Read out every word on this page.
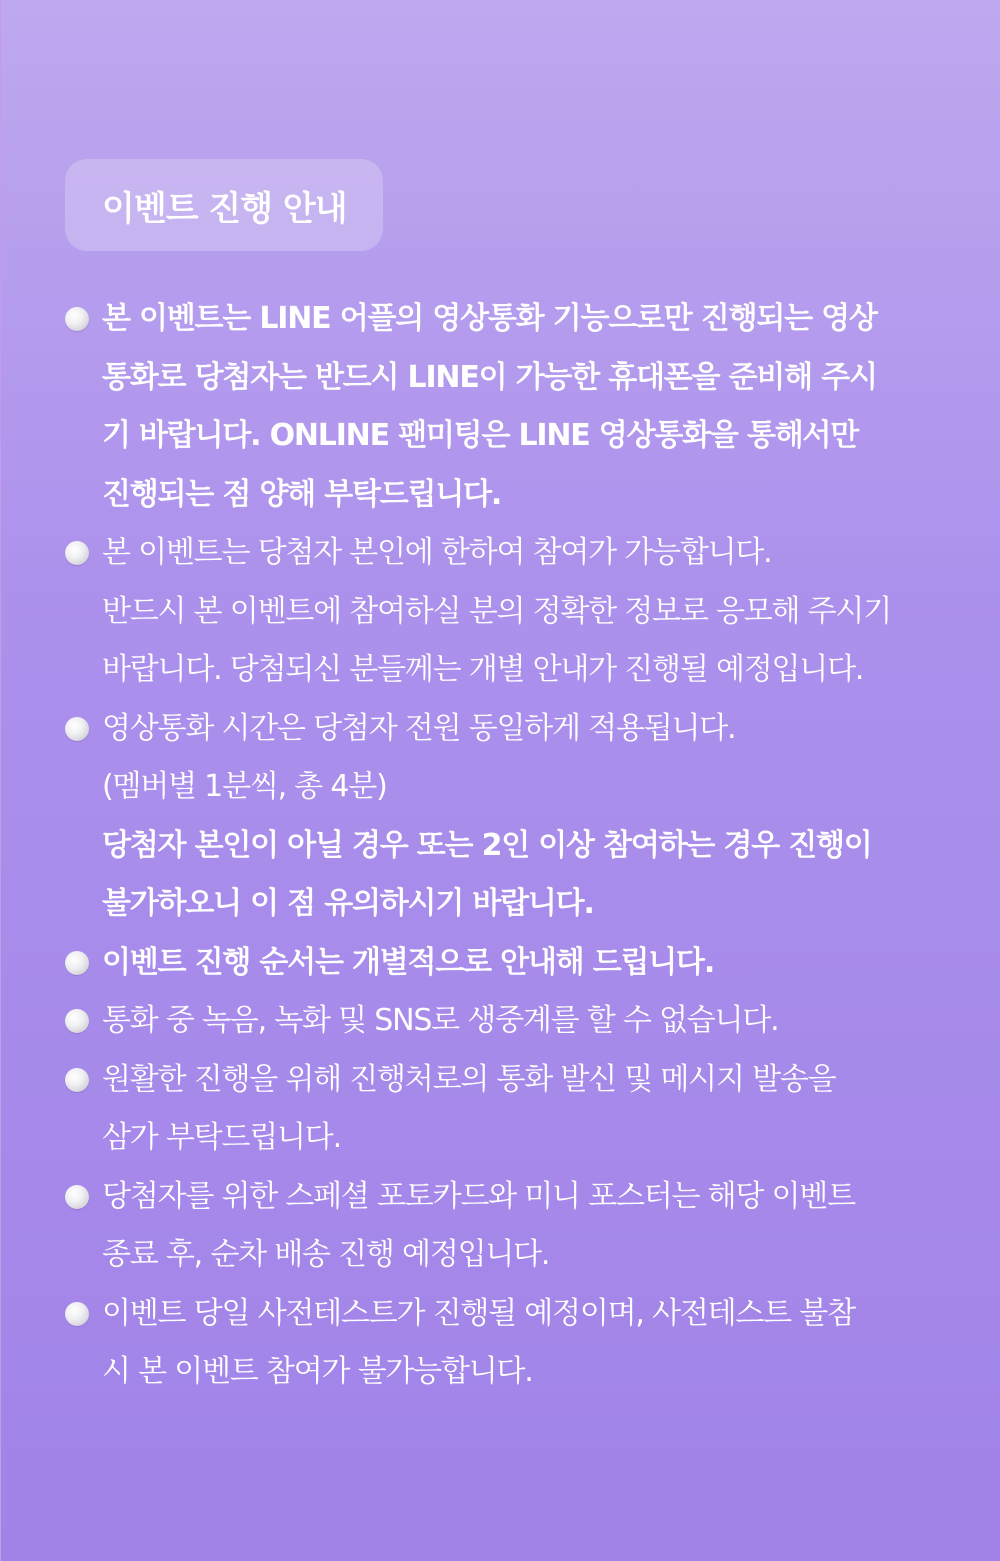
이벤트 진행 안내
본 이벤트는 LINE 어플의 영상통화 기능으로만 진행되는 영상
통화로 당첨자는 반드시 LINE이 가능한 휴대폰을 준비해 주시
기 바랍니다. ONLINE 팬미팅은 LINE 영상통화을 통해서만
진행되는 점 양해 부탁드립니다.
본 이벤트는 당첨자 본인에 한하여 참여가 가능합니다.
반드시 본 이벤트에 참여하실 분의 정확한 정보로 응모해 주시기
바랍니다. 당첨되신 분들께는 개별 안내가 진행될 예정입니다.
영상통화 시간은 당첨자 전원 동일하게 적용됩니다.
(멤버별 1분씩, 총 4분)
당첨자 본인이 아닐 경우 또는 2인 이상 참여하는 경우 진행이
불가하오니 이 점 유의하시기 바랍니다.
이벤트 진행 순서는 개별적으로 안내해 드립니다.
통화 중 녹음, 녹화 및 SNS로 생중계를 할 수 없습니다.
원활한 진행을 위해 진행처로의 통화 발신 및 메시지 발송을
삼가 부탁드립니다.
당첨자를 위한 스페셜 포토카드와 미니 포스터는 해당 이벤트
종료 후, 순차 배송 진행 예정입니다.
이벤트 당일 사전테스트가 진행될 예정이며, 사전테스트 불참
시 본 이벤트 참여가 불가능합니다.
